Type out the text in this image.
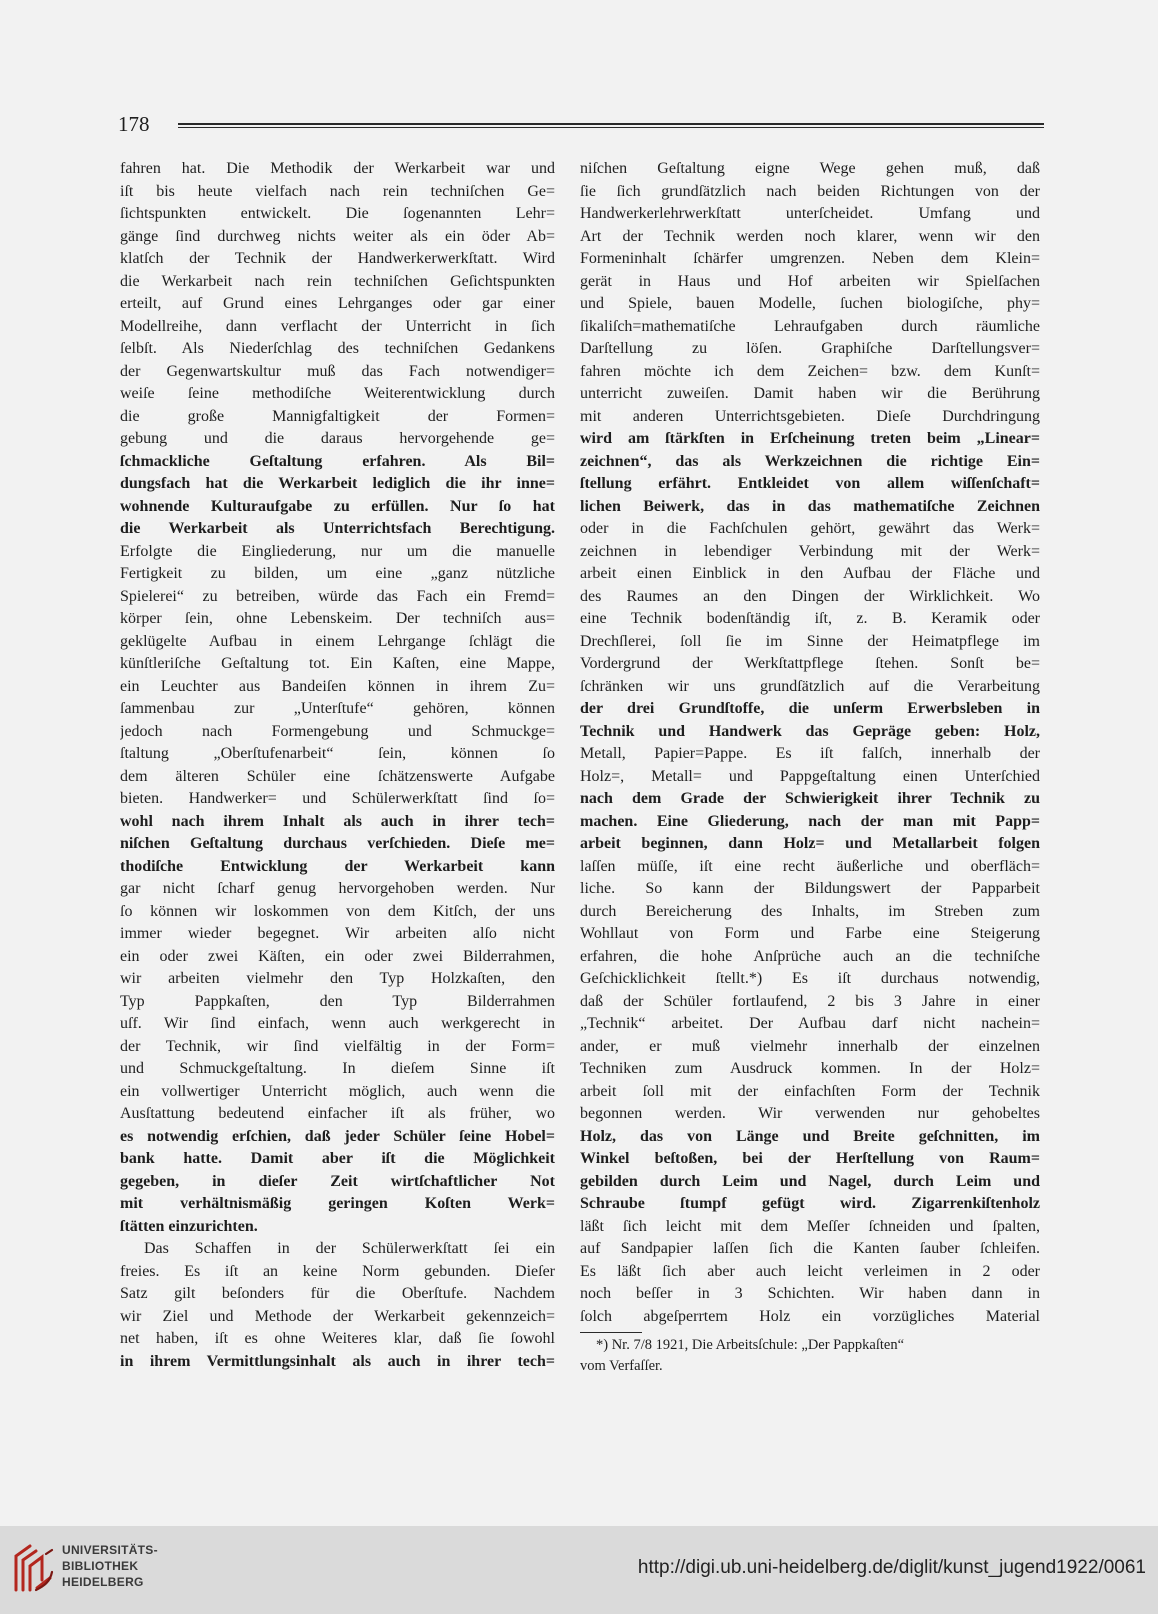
178
fahren hat. Die Methodik der Werkarbeit war und
iſt bis heute vielfach nach rein techniſchen Ge=
ſichtspunkten entwickelt. Die ſogenannten Lehr=
gänge ſind durchweg nichts weiter als ein öder Ab=
klatſch der Technik der Handwerkerwerkſtatt. Wird
die Werkarbeit nach rein techniſchen Geſichtspunkten
erteilt, auf Grund eines Lehrganges oder gar einer
Modellreihe, dann verflacht der Unterricht in ſich
ſelbſt. Als Niederſchlag des techniſchen Gedankens
der Gegenwartskultur muß das Fach notwendiger=
weiſe ſeine methodiſche Weiterentwicklung durch
die große Mannigfaltigkeit der Formen=
gebung und die daraus hervorgehende ge=
ſchmackliche Geſtaltung erfahren. Als Bil=
dungsfach hat die Werkarbeit lediglich die ihr inne=
wohnende Kulturaufgabe zu erfüllen. Nur ſo hat
die Werkarbeit als Unterrichtsfach Berechtigung.
Erfolgte die Eingliederung, nur um die manuelle
Fertigkeit zu bilden, um eine „ganz nützliche
Spielerei“ zu betreiben, würde das Fach ein Fremd=
körper ſein, ohne Lebenskeim. Der techniſch aus=
geklügelte Aufbau in einem Lehrgange ſchlägt die
künſtleriſche Geſtaltung tot. Ein Kaſten, eine Mappe,
ein Leuchter aus Bandeiſen können in ihrem Zu=
ſammenbau zur „Unterſtufe“ gehören, können
jedoch nach Formengebung und Schmuckge=
ſtaltung „Oberſtufenarbeit“ ſein, können ſo
dem älteren Schüler eine ſchätzenswerte Aufgabe
bieten. Handwerker= und Schülerwerkſtatt ſind ſo=
wohl nach ihrem Inhalt als auch in ihrer tech=
niſchen Geſtaltung durchaus verſchieden. Dieſe me=
thodiſche Entwicklung der Werkarbeit kann
gar nicht ſcharf genug hervorgehoben werden. Nur
ſo können wir loskommen von dem Kitſch, der uns
immer wieder begegnet. Wir arbeiten alſo nicht
ein oder zwei Käſten, ein oder zwei Bilderrahmen,
wir arbeiten vielmehr den Typ Holzkaſten, den
Typ Pappkaſten, den Typ Bilderrahmen
uſf. Wir ſind einfach, wenn auch werkgerecht in
der Technik, wir ſind vielfältig in der Form=
und Schmuckgeſtaltung. In dieſem Sinne iſt
ein vollwertiger Unterricht möglich, auch wenn die
Ausſtattung bedeutend einfacher iſt als früher, wo
es notwendig erſchien, daß jeder Schüler ſeine Hobel=
bank hatte. Damit aber iſt die Möglichkeit
gegeben, in dieſer Zeit wirtſchaftlicher Not
mit verhältnismäßig geringen Koſten Werk=
ſtätten einzurichten.
Das Schaffen in der Schülerwerkſtatt ſei ein
freies. Es iſt an keine Norm gebunden. Dieſer
Satz gilt beſonders für die Oberſtufe. Nachdem
wir Ziel und Methode der Werkarbeit gekennzeich=
net haben, iſt es ohne Weiteres klar, daß ſie ſowohl
in ihrem Vermittlungsinhalt als auch in ihrer tech=
niſchen Geſtaltung eigne Wege gehen muß, daß
ſie ſich grundſätzlich nach beiden Richtungen von der
Handwerkerlehrwerkſtatt unterſcheidet. Umfang und
Art der Technik werden noch klarer, wenn wir den
Formeninhalt ſchärfer umgrenzen. Neben dem Klein=
gerät in Haus und Hof arbeiten wir Spielſachen
und Spiele, bauen Modelle, ſuchen biologiſche, phy=
ſikaliſch=mathematiſche Lehraufgaben durch räumliche
Darſtellung zu löſen. Graphiſche Darſtellungsver=
fahren möchte ich dem Zeichen= bzw. dem Kunſt=
unterricht zuweiſen. Damit haben wir die Berührung
mit anderen Unterrichtsgebieten. Dieſe Durchdringung
wird am ſtärkſten in Erſcheinung treten beim „Linear=
zeichnen“, das als Werkzeichnen die richtige Ein=
ſtellung erfährt. Entkleidet von allem wiſſenſchaft=
lichen Beiwerk, das in das mathematiſche Zeichnen
oder in die Fachſchulen gehört, gewährt das Werk=
zeichnen in lebendiger Verbindung mit der Werk=
arbeit einen Einblick in den Aufbau der Fläche und
des Raumes an den Dingen der Wirklichkeit. Wo
eine Technik bodenſtändig iſt, z. B. Keramik oder
Drechſlerei, ſoll ſie im Sinne der Heimatpflege im
Vordergrund der Werkſtattpflege ſtehen. Sonſt be=
ſchränken wir uns grundſätzlich auf die Verarbeitung
der drei Grundſtoffe, die unſerm Erwerbsleben in
Technik und Handwerk das Gepräge geben: Holz,
Metall, Papier=Pappe. Es iſt falſch, innerhalb der
Holz=, Metall= und Pappgeſtaltung einen Unterſchied
nach dem Grade der Schwierigkeit ihrer Technik zu
machen. Eine Gliederung, nach der man mit Papp=
arbeit beginnen, dann Holz= und Metallarbeit folgen
laſſen müſſe, iſt eine recht äußerliche und oberfläch=
liche. So kann der Bildungswert der Papparbeit
durch Bereicherung des Inhalts, im Streben zum
Wohllaut von Form und Farbe eine Steigerung
erfahren, die hohe Anſprüche auch an die techniſche
Geſchicklichkeit ſtellt.*) Es iſt durchaus notwendig,
daß der Schüler fortlaufend, 2 bis 3 Jahre in einer
„Technik“ arbeitet. Der Aufbau darf nicht nachein=
ander, er muß vielmehr innerhalb der einzelnen
Techniken zum Ausdruck kommen. In der Holz=
arbeit ſoll mit der einfachſten Form der Technik
begonnen werden. Wir verwenden nur gehobeltes
Holz, das von Länge und Breite geſchnitten, im
Winkel beſtoßen, bei der Herſtellung von Raum=
gebilden durch Leim und Nagel, durch Leim und
Schraube ſtumpf gefügt wird. Zigarrenkiſtenholz
läßt ſich leicht mit dem Meſſer ſchneiden und ſpalten,
auf Sandpapier laſſen ſich die Kanten ſauber ſchleifen.
Es läßt ſich aber auch leicht verleimen in 2 oder
noch beſſer in 3 Schichten. Wir haben dann in
ſolch abgeſperrtem Holz ein vorzügliches Material
*) Nr. 7/8 1921, Die Arbeitsſchule: „Der Pappkaſten“
vom Verfaſſer.
UNIVERSITÄTS-
BIBLIOTHEK
HEIDELBERG
http://digi.ub.uni-heidelberg.de/diglit/kunst_jugend1922/0061
